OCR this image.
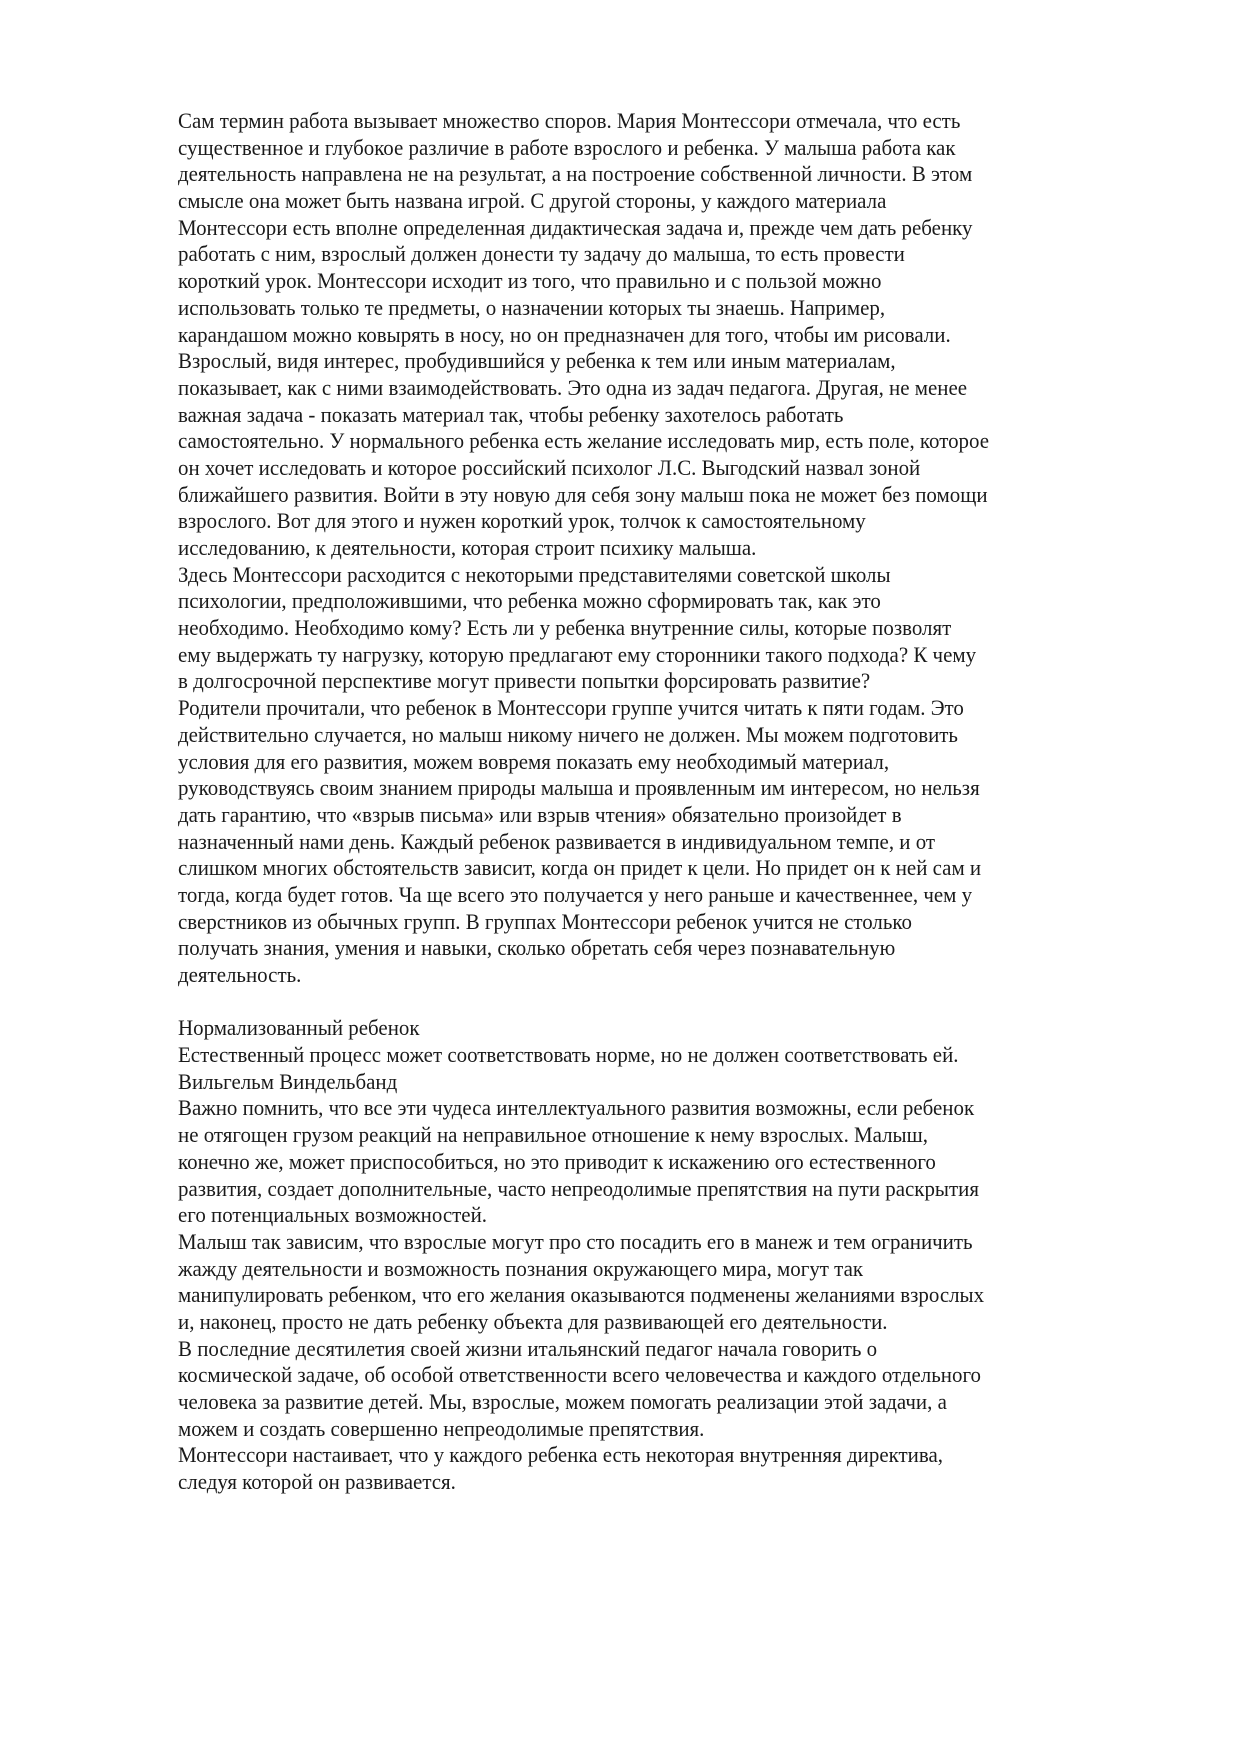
Сам термин работа вызывает множество споров. Мария Монтессори отмечала, что есть
существенное и глубокое различие в работе взрослого и ребенка. У малыша работа как
деятельность направлена не на результат, а на построение собственной личности. В этом
смысле она может быть названа игрой. С другой стороны, у каждого материала
Монтессори есть вполне определенная дидактическая задача и, прежде чем дать ребенку
работать с ним, взрослый должен донести ту задачу до малыша, то есть провести
короткий урок. Монтессори исходит из того, что правильно и с пользой можно
использовать только те предметы, о назначении которых ты знаешь. Например,
карандашом можно ковырять в носу, но он предназначен для того, чтобы им рисовали.
Взрослый, видя интерес, пробудившийся у ребенка к тем или иным материалам,
показывает, как с ними взаимодействовать. Это одна из задач педагога. Другая, не менее
важная задача - показать материал так, чтобы ребенку захотелось работать
самостоятельно. У нормального ребенка есть желание исследовать мир, есть поле, которое
он хочет исследовать и которое российский психолог Л.С. Выгодский назвал зоной
ближайшего развития. Войти в эту новую для себя зону малыш пока не может без помощи
взрослого. Вот для этого и нужен короткий урок, толчок к самостоятельному
исследованию, к деятельности, которая строит психику малыша.
Здесь Монтессори расходится с некоторыми представителями советской школы
психологии, предположившими, что ребенка можно сформировать так, как это
необходимо. Необходимо кому? Есть ли у ребенка внутренние силы, которые позволят
ему выдержать ту нагрузку, которую предлагают ему сторонники такого подхода? К чему
в долгосрочной перспективе могут привести попытки форсировать развитие?
Родители прочитали, что ребенок в Монтессори группе учится читать к пяти годам. Это
действительно случается, но малыш никому ничего не должен. Мы можем подготовить
условия для его развития, можем вовремя показать ему необходимый материал,
руководствуясь своим знанием природы малыша и проявленным им интересом, но нельзя
дать гарантию, что «взрыв письма» или взрыв чтения» обязательно произойдет в
назначенный нами день. Каждый ребенок развивается в индивидуальном темпе, и от
слишком многих обстоятельств зависит, когда он придет к цели. Но придет он к ней сам и
тогда, когда будет готов. Ча ще всего это получается у него раньше и качественнее, чем у
сверстников из обычных групп. В группах Монтессори ребенок учится не столько
получать знания, умения и навыки, сколько обретать себя через познавательную
деятельность.
Нормализованный ребенок
Естественный процесс может соответствовать норме, но не должен соответствовать ей.
Вильгельм Виндельбанд
Важно помнить, что все эти чудеса интеллектуального развития возможны, если ребенок
не отягощен грузом реакций на неправильное отношение к нему взрослых. Малыш,
конечно же, может приспособиться, но это приводит к искажению ого естественного
развития, создает дополнительные, часто непреодолимые препятствия на пути раскрытия
его потенциальных возможностей.
Малыш так зависим, что взрослые могут про сто посадить его в манеж и тем ограничить
жажду деятельности и возможность познания окружающего мира, могут так
манипулировать ребенком, что его желания оказываются подменены желаниями взрослых
и, наконец, просто не дать ребенку объекта для развивающей его деятельности.
В последние десятилетия своей жизни итальянский педагог начала говорить о
космической задаче, об особой ответственности всего человечества и каждого отдельного
человека за развитие детей. Мы, взрослые, можем помогать реализации этой задачи, а
можем и создать совершенно непреодолимые препятствия.
Монтессори настаивает, что у каждого ребенка есть некоторая внутренняя директива,
следуя которой он развивается.
